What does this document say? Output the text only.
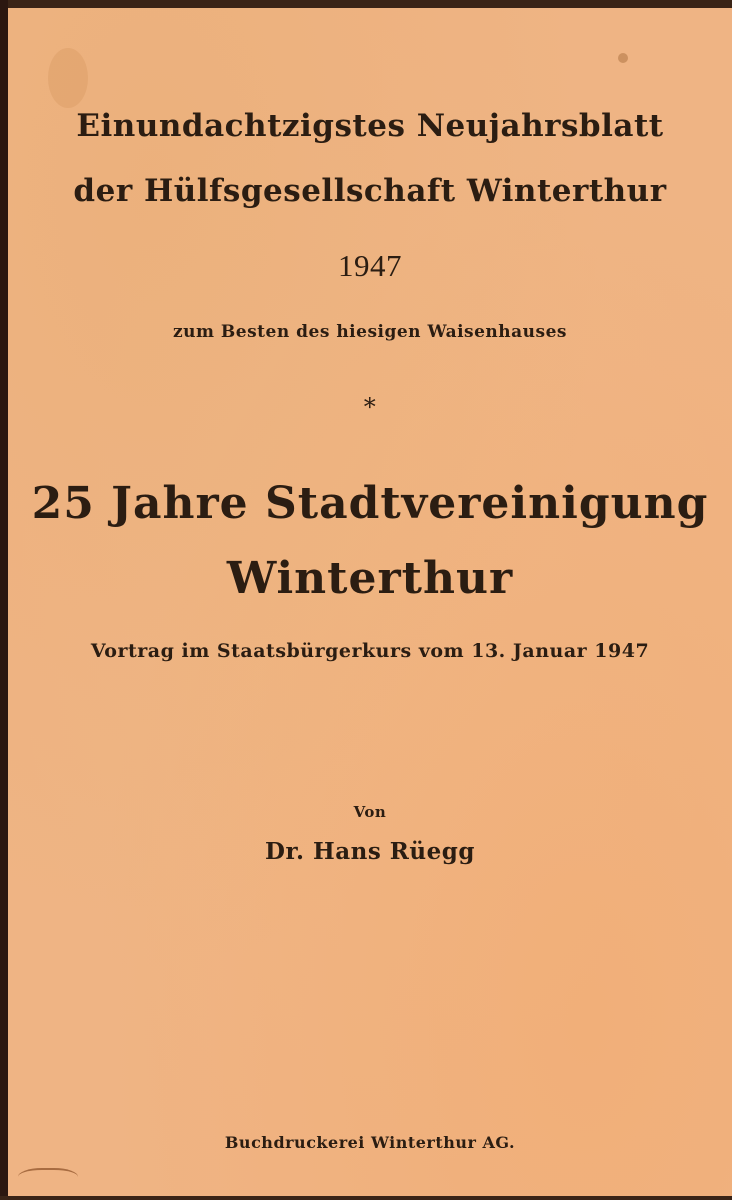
Einundachtzigstes Neujahrsblatt
der Hülfsgesellschaft Winterthur
1947
zum Besten des hiesigen Waisenhauses
*
25 Jahre Stadtvereinigung
Winterthur
Vortrag im Staatsbürgerkurs vom 13. Januar 1947
Von
Dr. Hans Rüegg
Buchdruckerei Winterthur AG.
